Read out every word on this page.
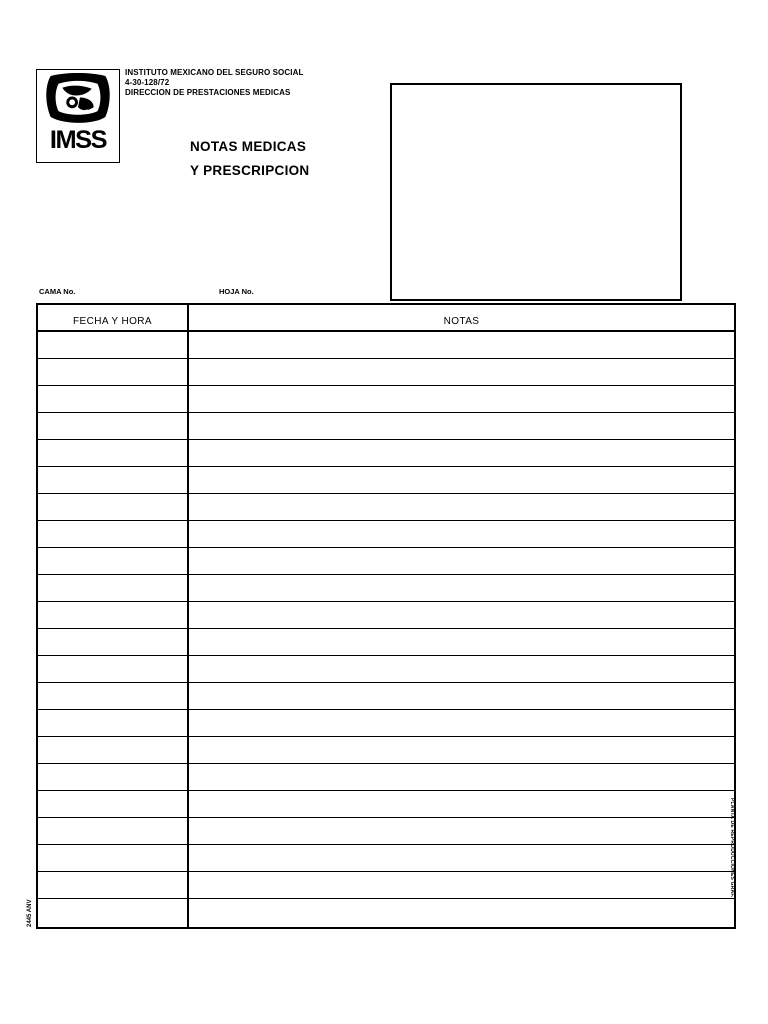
IMSS
INSTITUTO MEXICANO DEL SEGURO SOCIAL
4-30-128/72
DIRECCION DE PRESTACIONES MEDICAS
NOTAS MEDICAS
Y PRESCRIPCION
CAMA No.	HOJA No.
FECHA Y HORA	NOTAS
PLANTA DE REPRODUCCIONES GRAF.
2445 ANV
